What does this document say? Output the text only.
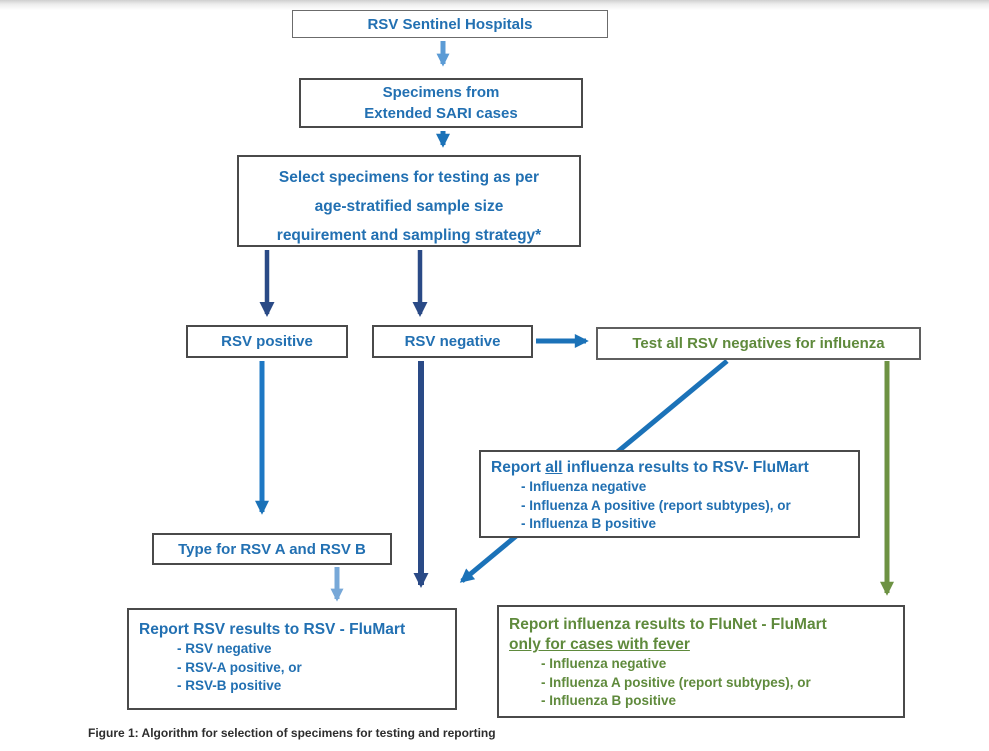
RSV Sentinel Hospitals
Specimens from
Extended SARI cases
Select specimens for testing as per
age-stratified sample size
requirement and sampling strategy*
RSV positive	RSV negative	Test all RSV negatives for influenza

Report all influenza results to RSV- FluMart

- Influenza negative
- Influenza A positive (report subtypes), or
- Influenza B positive
Type for RSV A and RSV B

Report RSV results to RSV - FluMart

- RSV negative
- RSV-A positive, or
- RSV-B positive

Report influenza results to FluNet - FluMart

only for cases with fever

- Influenza negative
- Influenza A positive (report subtypes), or
- Influenza B positive
Figure 1: Algorithm for selection of specimens for testing and reporting
